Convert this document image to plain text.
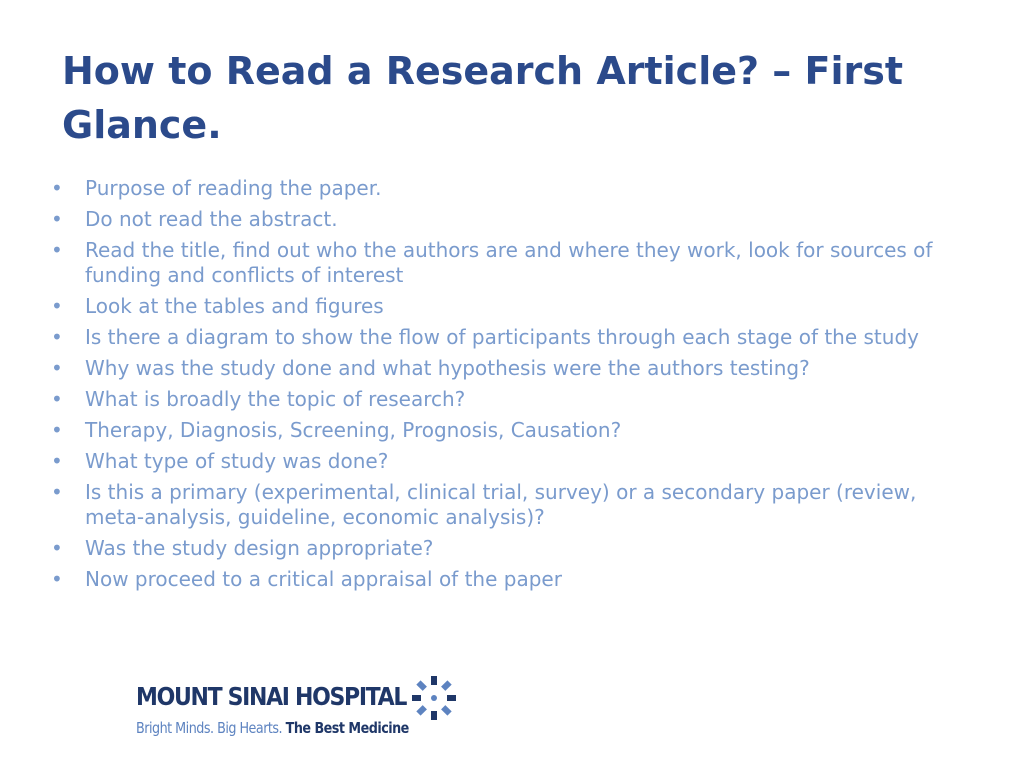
How to Read a Research Article? – First Glance.
• Purpose of reading the paper.
• Do not read the abstract.
• Read the title, find out who the authors are and where they work, look for sources of funding and conflicts of interest
• Look at the tables and figures
• Is there a diagram to show the flow of participants through each stage of the study
• Why was the study done and what hypothesis were the authors testing?
• What is broadly the topic of research?
• Therapy, Diagnosis, Screening, Prognosis, Causation?
• What type of study was done?
• Is this a primary (experimental, clinical trial, survey) or a secondary paper (review, meta-analysis, guideline, economic analysis)?
• Was the study design appropriate?
• Now proceed to a critical appraisal of the paper
MOUNT SINAI HOSPITAL
Bright Minds. Big Hearts. The Best Medicine
